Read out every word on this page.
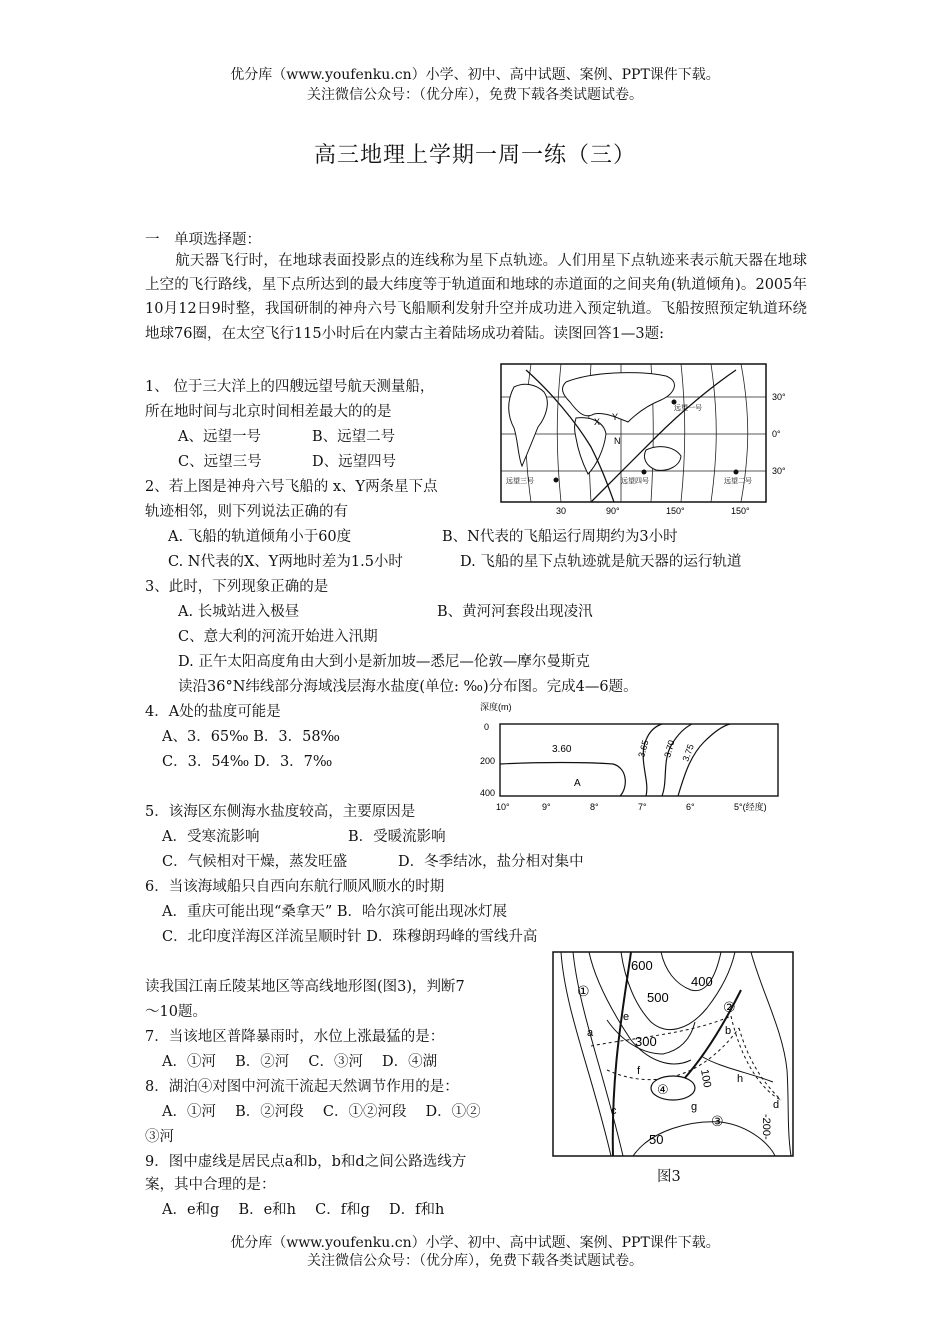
优分库（www.youfenku.cn）小学、初中、高中试题、案例、PPT课件下载。
关注微信公众号：（优分库），免费下载各类试题试卷。
高三地理上学期一周一练（三）
一　单项选择题：
航天器飞行时，在地球表面投影点的连线称为星下点轨迹。人们用星下点轨迹来表示航天器在地球上空的飞行路线，星下点所达到的最大纬度等于轨道面和地球的赤道面的之间夹角(轨道倾角)。2005年10月12日9时整，我国研制的神舟六号飞船顺利发射升空并成功进入预定轨道。飞船按照预定轨道环绕地球76圈，在太空飞行115小时后在内蒙古主着陆场成功着陆。读图回答1—3题:
1、 位于三大洋上的四艘远望号航天测量船，
所在地时间与北京时间相差最大的的是
A、远望一号	B、远望二号
C、远望三号	D、远望四号
2、若上图是神舟六号飞船的 x、Y两条星下点
轨迹相邻，则下列说法正确的有
A. 飞船的轨道倾角小于60度	B、N代表的飞船运行周期约为3小时
C. N代表的X、Y两地时差为1.5小时	D. 飞船的星下点轨迹就是航天器的运行轨道
3、此时，下列现象正确的是
A. 长城站进入极昼	B、黄河河套段出现凌汛
C、意大利的河流开始进入汛期
D. 正午太阳高度角由大到小是新加坡—悉尼—伦敦—摩尔曼斯克
读沿36°N纬线部分海域浅层海水盐度(单位: ‰)分布图。完成4—6题。
4．A处的盐度可能是
A、3．65‰ B．3．58‰
C．3．54‰ D．3．7‰
5．该海区东侧海水盐度较高，主要原因是
A．受寒流影响	B．受暖流影响
C．气候相对干燥，蒸发旺盛	D．冬季结冰，盐分相对集中
6．当该海域船只自西向东航行顺风顺水的时期
A．重庆可能出现“桑拿天” B．哈尔滨可能出现冰灯展
C．北印度洋海区洋流呈顺时针 D．珠穆朗玛峰的雪线升高
读我国江南丘陵某地区等高线地形图(图3)，判断7
～10题。
7．当该地区普降暴雨时，水位上涨最猛的是：
A．①河　 B．②河　 C．③河　 D．④湖
8．湖泊④对图中河流干流起天然调节作用的是：
A．①河　 B．②河段　 C．①②河段　 D．①②
③河
9．图中虚线是居民点a和b，b和d之间公路选线方
案，其中合理的是：
A．e和g　 B．e和h　 C．f和g　 D．f和h
图3
优分库（www.youfenku.cn）小学、初中、高中试题、案例、PPT课件下载。
关注微信公众号：（优分库），免费下载各类试题试卷。
X Y
N
远望一号
远望三号	远望四号	远望二号
30°
0°
30°
30	90°	150°	150°
深度(m)
0
200
400
3.60	3.65 3.70 3.75
A
10°	9°	8°	7°	6°	5°(经度)
600
500
400
300
100
50	-200-
①
②
③
④
a	b
c	d
e
f
g
h
